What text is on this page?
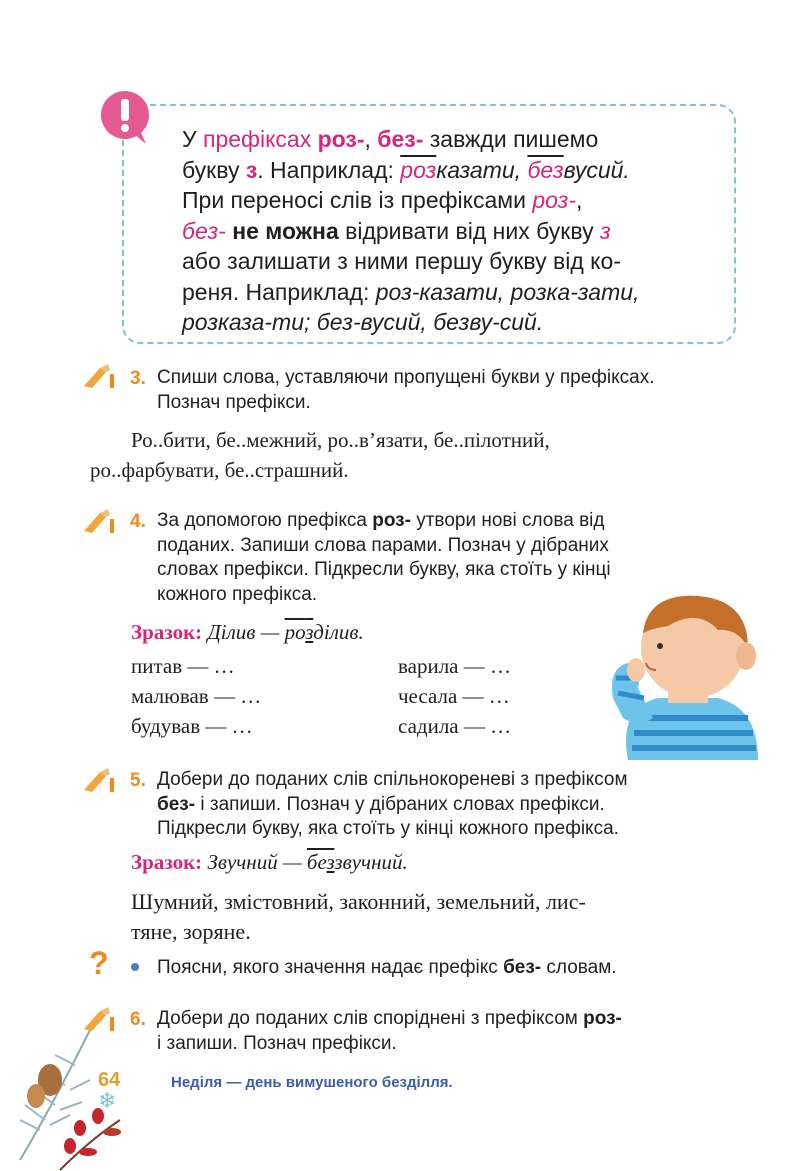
У префіксах роз-, без- завжди пишемо
букву з. Наприклад: розказати, безвусий.
При переносі слів із префіксами роз-,
без- не можна відривати від них букву з
або залишати з ними першу букву від ко-
реня. Наприклад: роз-казати, розка-зати,
розказа-ти; без-вусий, безву-сий.
3. Спиши слова, уставляючи пропущені букви у префіксах.
Познач префікси.
Ро..бити, бе..межний, ро..в’язати, бе..пілотний,
ро..фарбувати, бе..страшний.
4. За допомогою префікса роз- утвори нові слова від
поданих. Запиши слова парами. Познач у дібраних
словах префікси. Підкресли букву, яка стоїть у кінці
кожного префікса.
Зразок: Ділив — розділив.
питав — …
малював — …
будував — …
варила — …
чесала — …
садила — …
5. Добери до поданих слів спільнокореневі з префіксом
без- і запиши. Познач у дібраних словах префікси.
Підкресли букву, яка стоїть у кінці кожного префікса.
Зразок: Звучний — беззвучний.
Шумний, змістовний, законний, земельний, лис-
тяне, зоряне.
?	Поясни, якого значення надає префікс без- словам.
6. Добери до поданих слів споріднені з префіксом роз-
і запиши. Познач префікси.
❄
64	Неділя — день вимушеного безділля.
